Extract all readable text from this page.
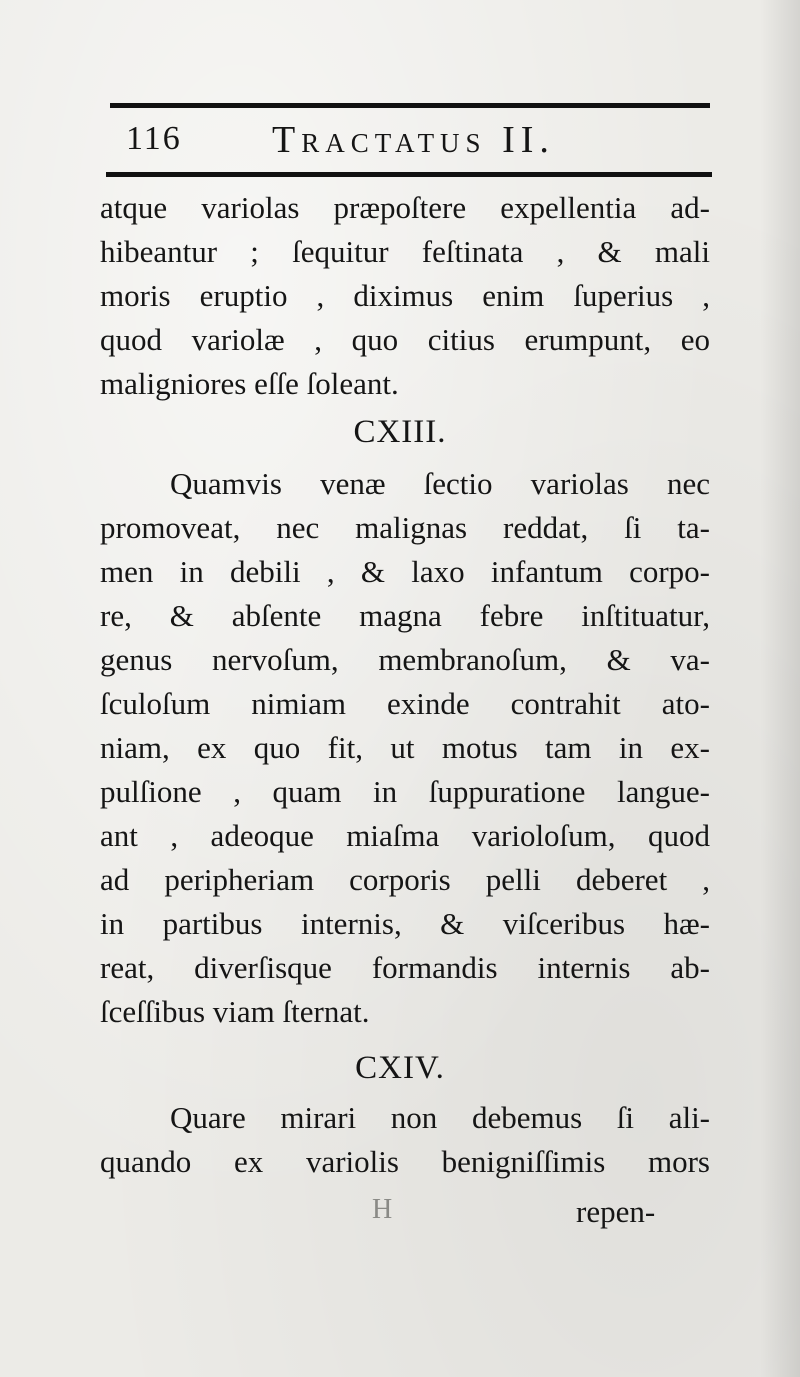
116 Tractatus II.
atque variolas præpoſtere expellentia ad-
hibeantur ; ſequitur feſtinata , & mali
moris eruptio , diximus enim ſuperius ,
quod variolæ , quo citius erumpunt, eo
maligniores eſſe ſoleant.
CXIII.
Quamvis venæ ſectio variolas nec
promoveat, nec malignas reddat, ſi ta-
men in debili , & laxo infantum corpo-
re, & abſente magna febre inſtituatur,
genus nervoſum, membranoſum, & va-
ſculoſum nimiam exinde contrahit ato-
niam, ex quo fit, ut motus tam in ex-
pulſione , quam in ſuppuratione langue-
ant , adeoque miaſma varioloſum, quod
ad peripheriam corporis pelli deberet ,
in partibus internis, & viſceribus hæ-
reat, diverſisque formandis internis ab-
ſceſſibus viam ſternat.
CXIV.
Quare mirari non debemus ſi ali-
quando ex variolis benigniſſimis mors
H	repen-
